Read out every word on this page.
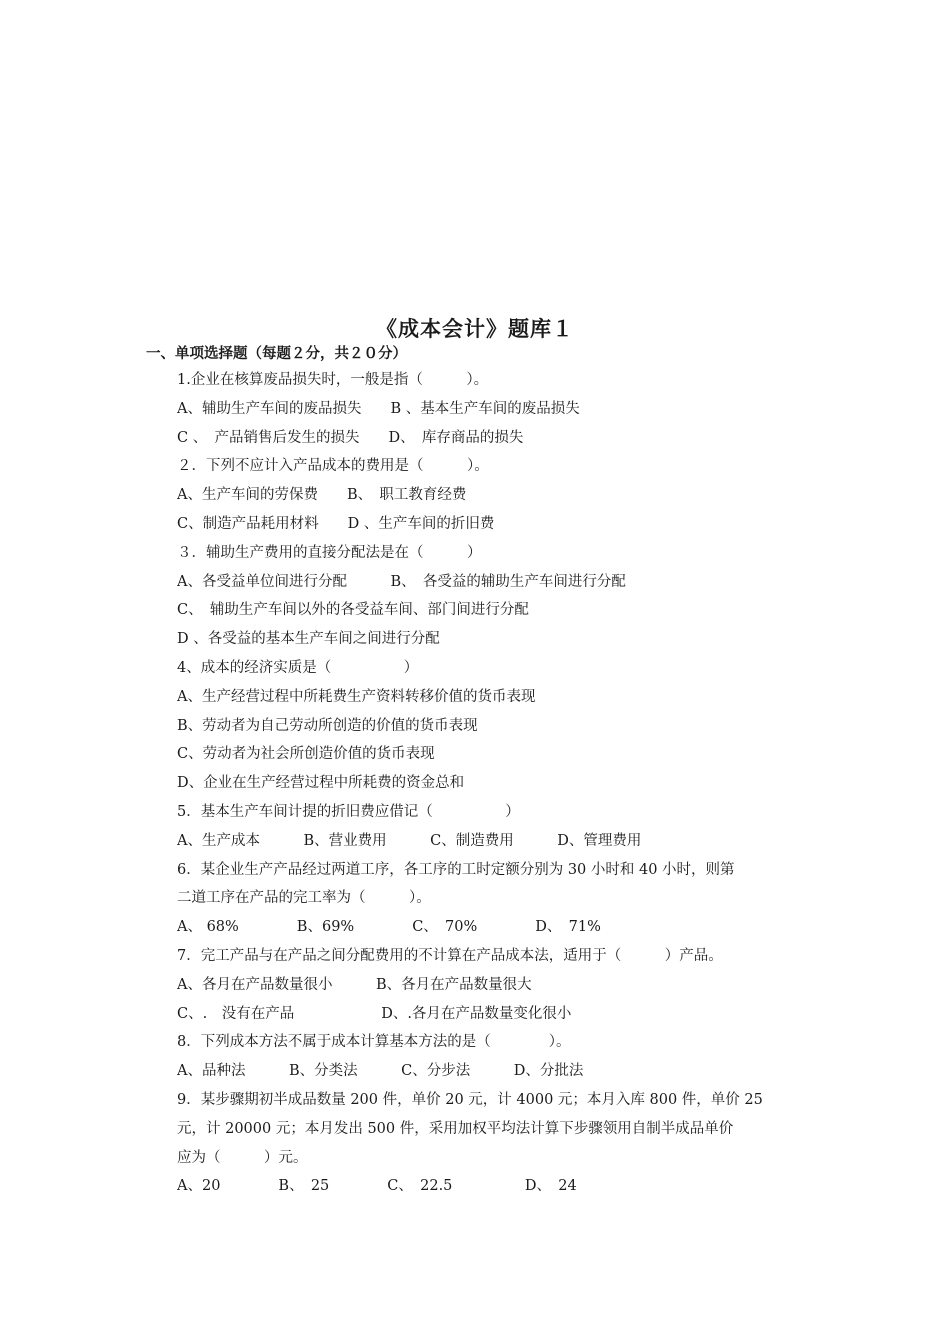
《成本会计》题库１
一、单项选择题（每题２分，共２０分）
1.企业在核算废品损失时，一般是指（　　　）。
A、辅助生产车间的废品损失　　B 、基本生产车间的废品损失
C 、　产品销售后发生的损失　　D、　库存商品的损失
２．下列不应计入产品成本的费用是（　　　）。
A、生产车间的劳保费　　B、　职工教育经费
C、制造产品耗用材料　　D 、生产车间的折旧费
３．辅助生产费用的直接分配法是在（　　　）
A、各受益单位间进行分配　　　B、　各受益的辅助生产车间进行分配
C、　辅助生产车间以外的各受益车间、部门间进行分配
D 、各受益的基本生产车间之间进行分配
4、成本的经济实质是（　　　　　）
A、生产经营过程中所耗费生产资料转移价值的货币表现
B、劳动者为自己劳动所创造的价值的货币表现
C、劳动者为社会所创造价值的货币表现
D、企业在生产经营过程中所耗费的资金总和
5．基本生产车间计提的折旧费应借记（　　　　　）
A、生产成本　　　B、营业费用　　　C、制造费用　　　D、管理费用
6．某企业生产产品经过两道工序，各工序的工时定额分别为 30 小时和 40 小时，则第
二道工序在产品的完工率为（　　　）。
A、 68%　　　　B、69%　　　　C、　70%　　　　D、　71%
7．完工产品与在产品之间分配费用的不计算在产品成本法，适用于（　　　）产品。
A、各月在产品数量很小　　　B、各月在产品数量很大
C、.　没有在产品　　　　　　D、.各月在产品数量变化很小
8．下列成本方法不属于成本计算基本方法的是（　　　　）。
A、品种法　　　B、分类法　　　C、分步法　　　D、分批法
9．某步骤期初半成品数量 200 件，单价 20 元，计 4000 元；本月入库 800 件，单价 25
元，计 20000 元；本月发出 500 件，采用加权平均法计算下步骤领用自制半成品单价
应为（　　　）元。
A、20　　　　B、　25　　　　C、　22.5　　　　　D、　24
